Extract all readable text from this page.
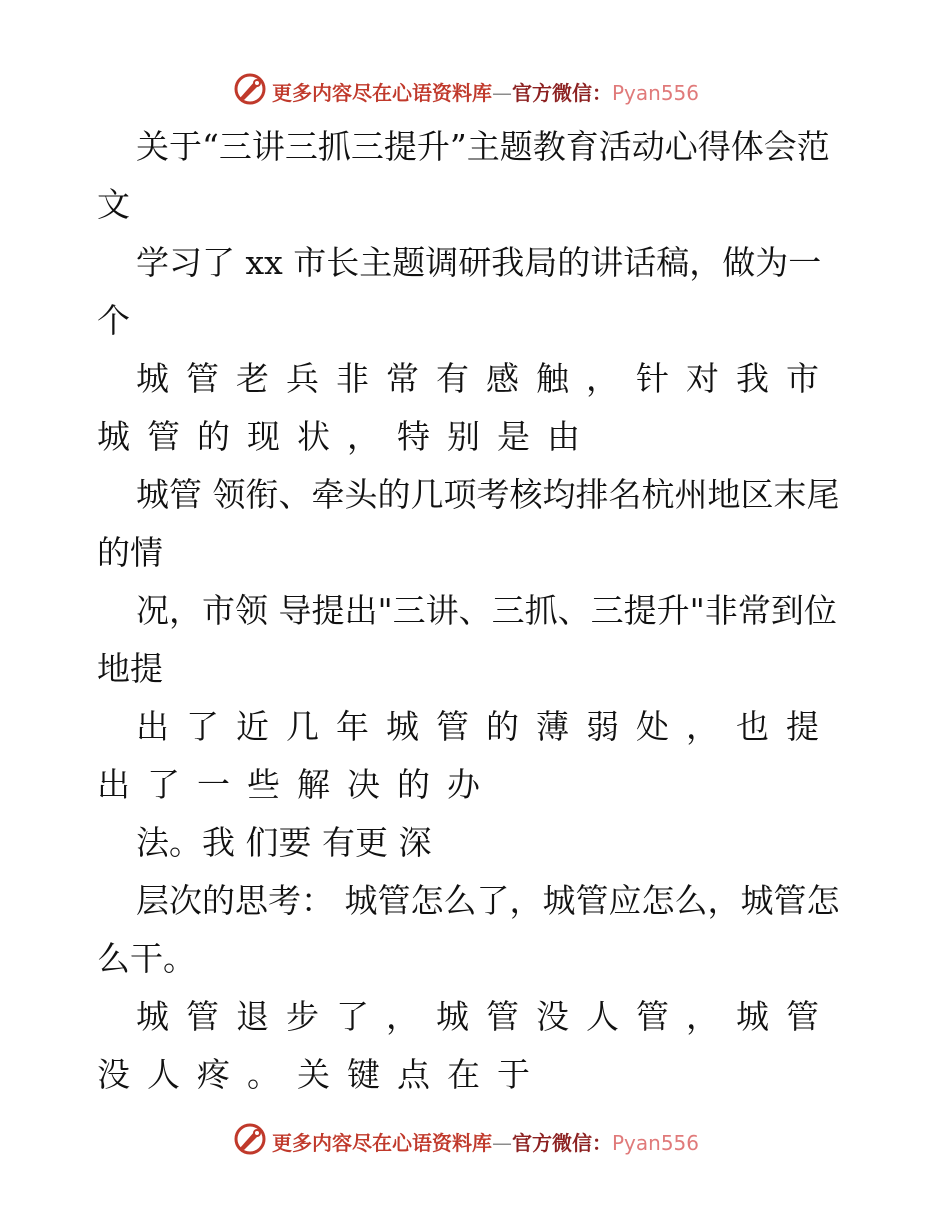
更多内容尽在心语资料库—官方微信：Pyan556

关于“三讲三抓三提升”主题教育活动心得体会范文

学习了 xx 市长主题调研我局的讲话稿，做为一 个

城管老兵非常有感触，针对我市城管的现状，特别是由

城管 领衔、牵头的几项考核均排名杭州地区末尾的情

况，市领 导提出"三讲、三抓、三提升"非常到位地提

出了近几年城管的薄弱处，也提出了一些解决的办

法。我 们要 有更 深

层次的思考： 城管怎么了，城管应怎么，城管怎么干。

城管退步了，城管没人管，城管没人疼。关键点在于

更多内容尽在心语资料库—官方微信：Pyan556
